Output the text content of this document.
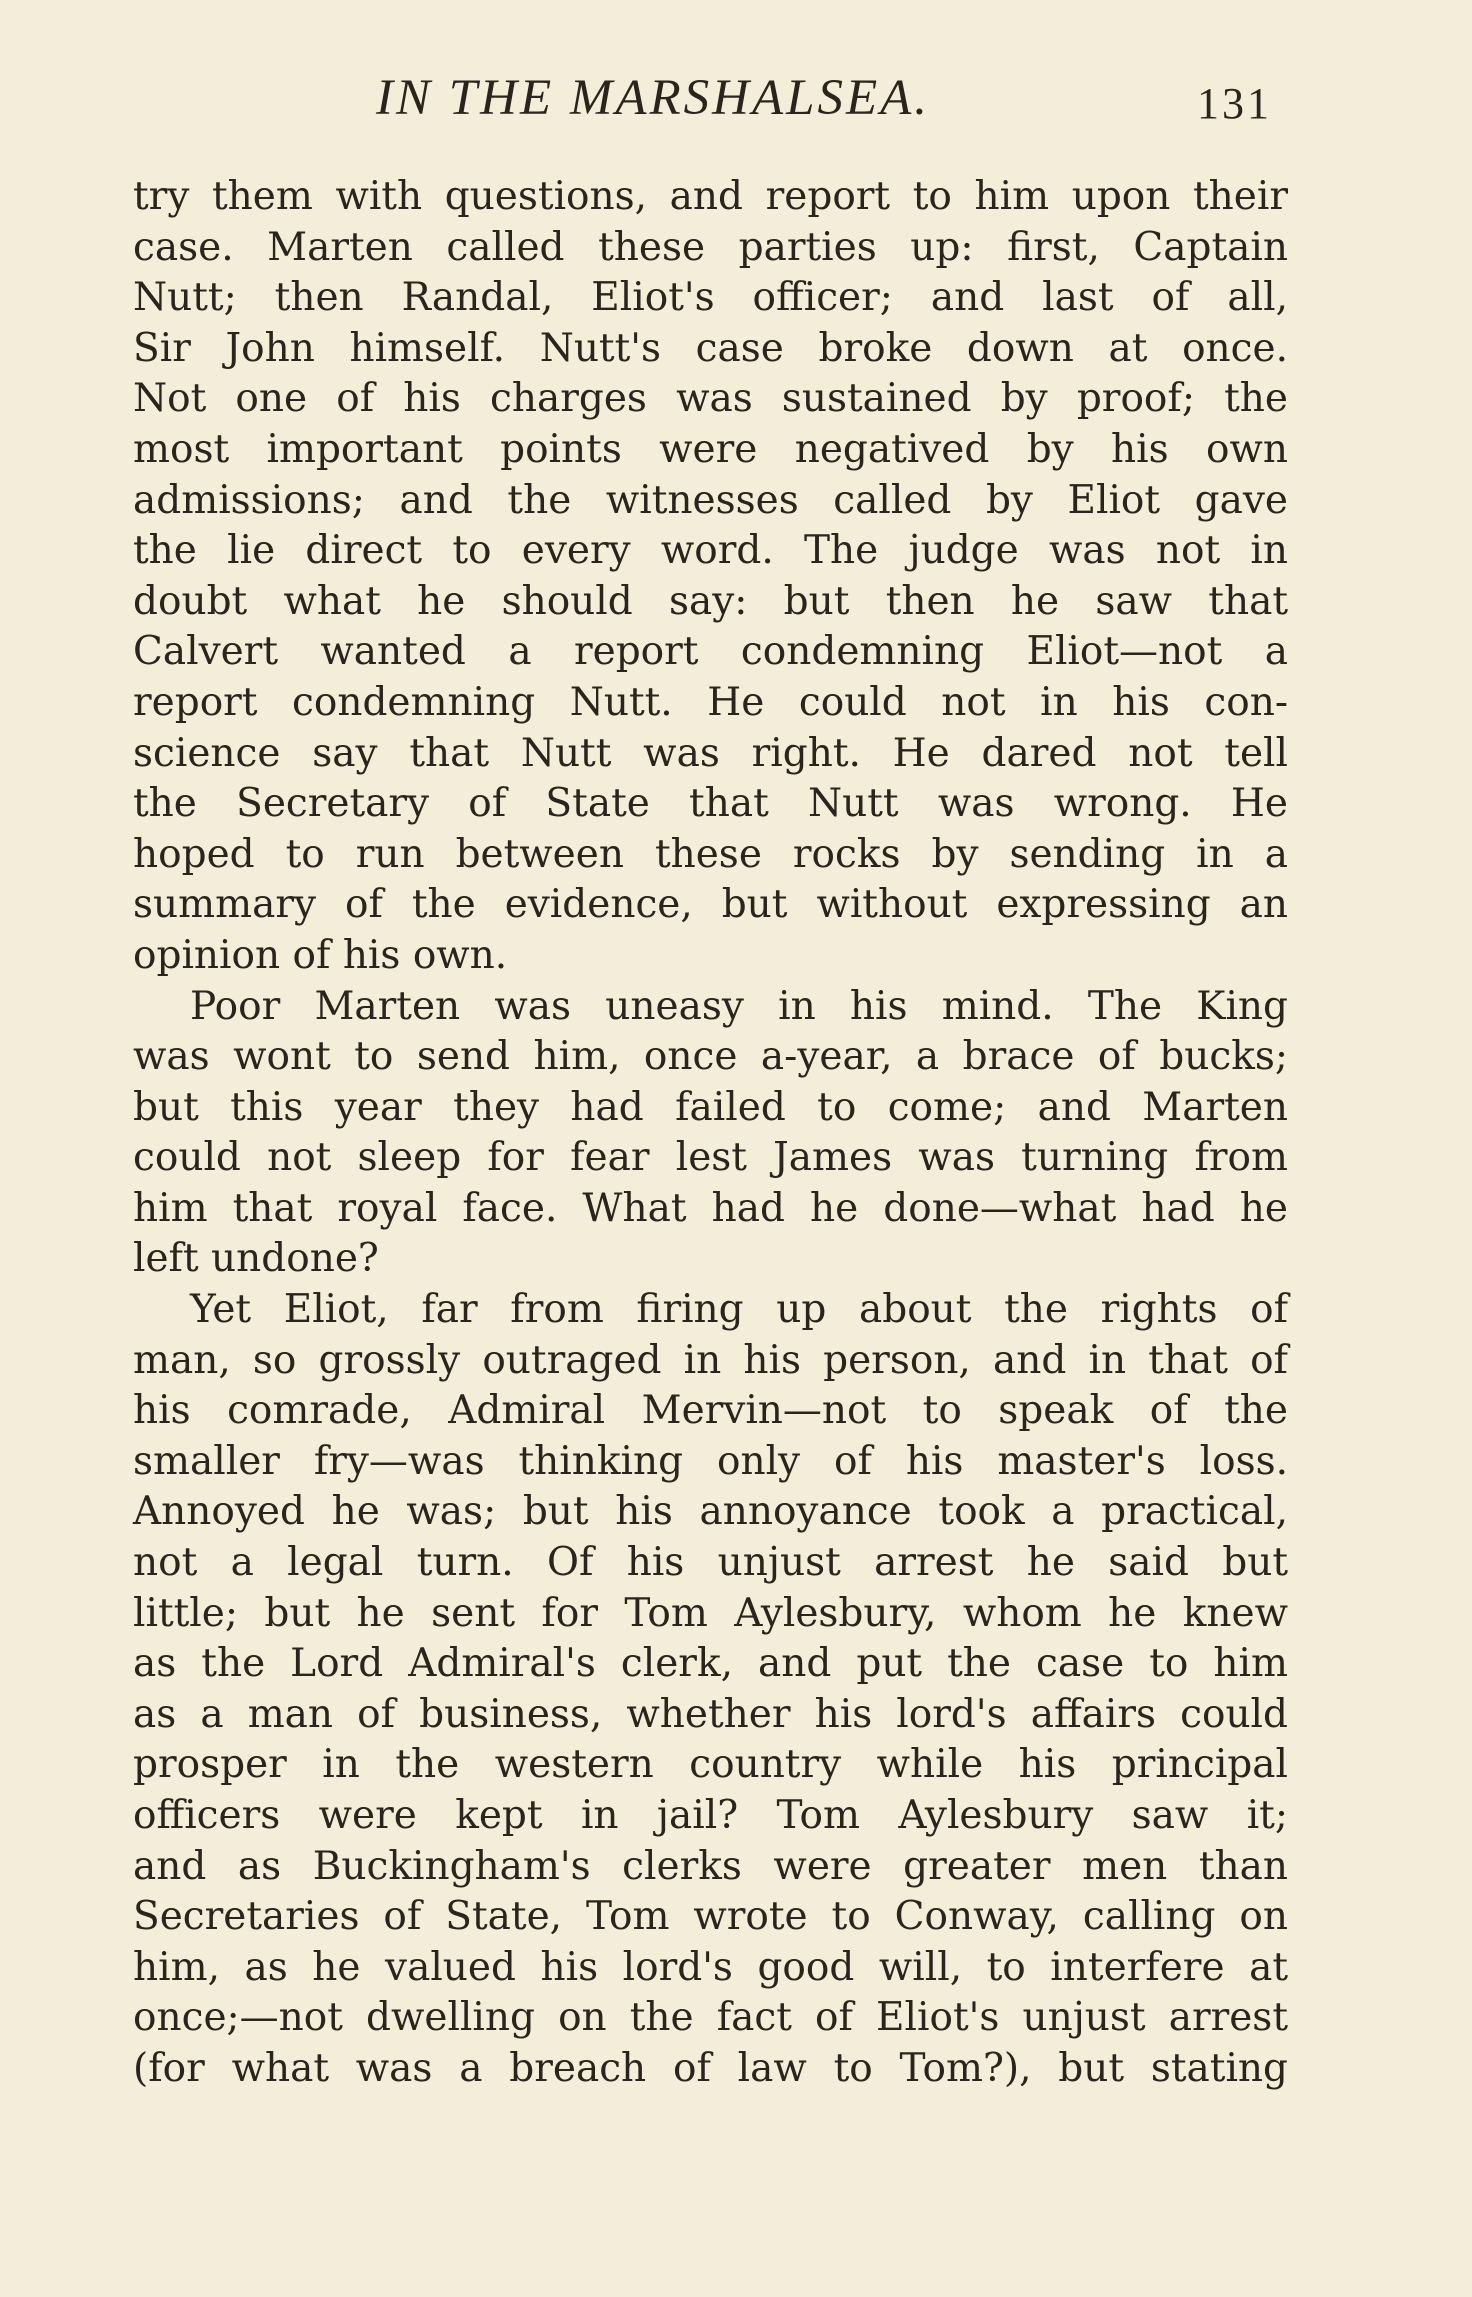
IN THE MARSHALSEA.	131
try them with questions, and report to him upon their
case. Marten called these parties up: first, Captain
Nutt; then Randal, Eliot's officer; and last of all,
Sir John himself. Nutt's case broke down at once.
Not one of his charges was sustained by proof; the
most important points were negatived by his own
admissions; and the witnesses called by Eliot gave
the lie direct to every word. The judge was not in
doubt what he should say: but then he saw that
Calvert wanted a report condemning Eliot—not a
report condemning Nutt. He could not in his con-
science say that Nutt was right. He dared not tell
the Secretary of State that Nutt was wrong. He
hoped to run between these rocks by sending in a
summary of the evidence, but without expressing an
opinion of his own.
Poor Marten was uneasy in his mind. The King
was wont to send him, once a-year, a brace of bucks;
but this year they had failed to come; and Marten
could not sleep for fear lest James was turning from
him that royal face. What had he done—what had he
left undone?
Yet Eliot, far from firing up about the rights of
man, so grossly outraged in his person, and in that of
his comrade, Admiral Mervin—not to speak of the
smaller fry—was thinking only of his master's loss.
Annoyed he was; but his annoyance took a practical,
not a legal turn. Of his unjust arrest he said but
little; but he sent for Tom Aylesbury, whom he knew
as the Lord Admiral's clerk, and put the case to him
as a man of business, whether his lord's affairs could
prosper in the western country while his principal
officers were kept in jail? Tom Aylesbury saw it;
and as Buckingham's clerks were greater men than
Secretaries of State, Tom wrote to Conway, calling on
him, as he valued his lord's good will, to interfere at
once;—not dwelling on the fact of Eliot's unjust arrest
(for what was a breach of law to Tom?), but stating
